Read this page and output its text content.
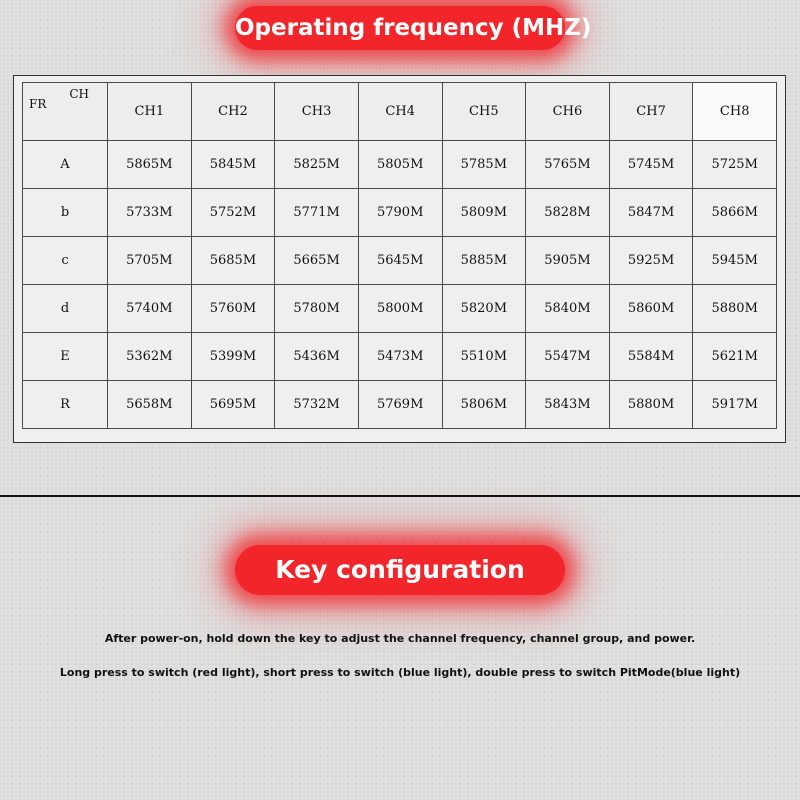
Operating frequency (MHZ)
CH
FR	CH1	CH2	CH3	CH4	CH5	CH6	CH7	CH8
A	5865M	5845M	5825M	5805M	5785M	5765M	5745M	5725M
b	5733M	5752M	5771M	5790M	5809M	5828M	5847M	5866M
c	5705M	5685M	5665M	5645M	5885M	5905M	5925M	5945M
d	5740M	5760M	5780M	5800M	5820M	5840M	5860M	5880M
E	5362M	5399M	5436M	5473M	5510M	5547M	5584M	5621M
R	5658M	5695M	5732M	5769M	5806M	5843M	5880M	5917M
Key configuration
After power-on, hold down the key to adjust the channel frequency, channel group, and power.
Long press to switch (red light), short press to switch (blue light), double press to switch PitMode(blue light)
